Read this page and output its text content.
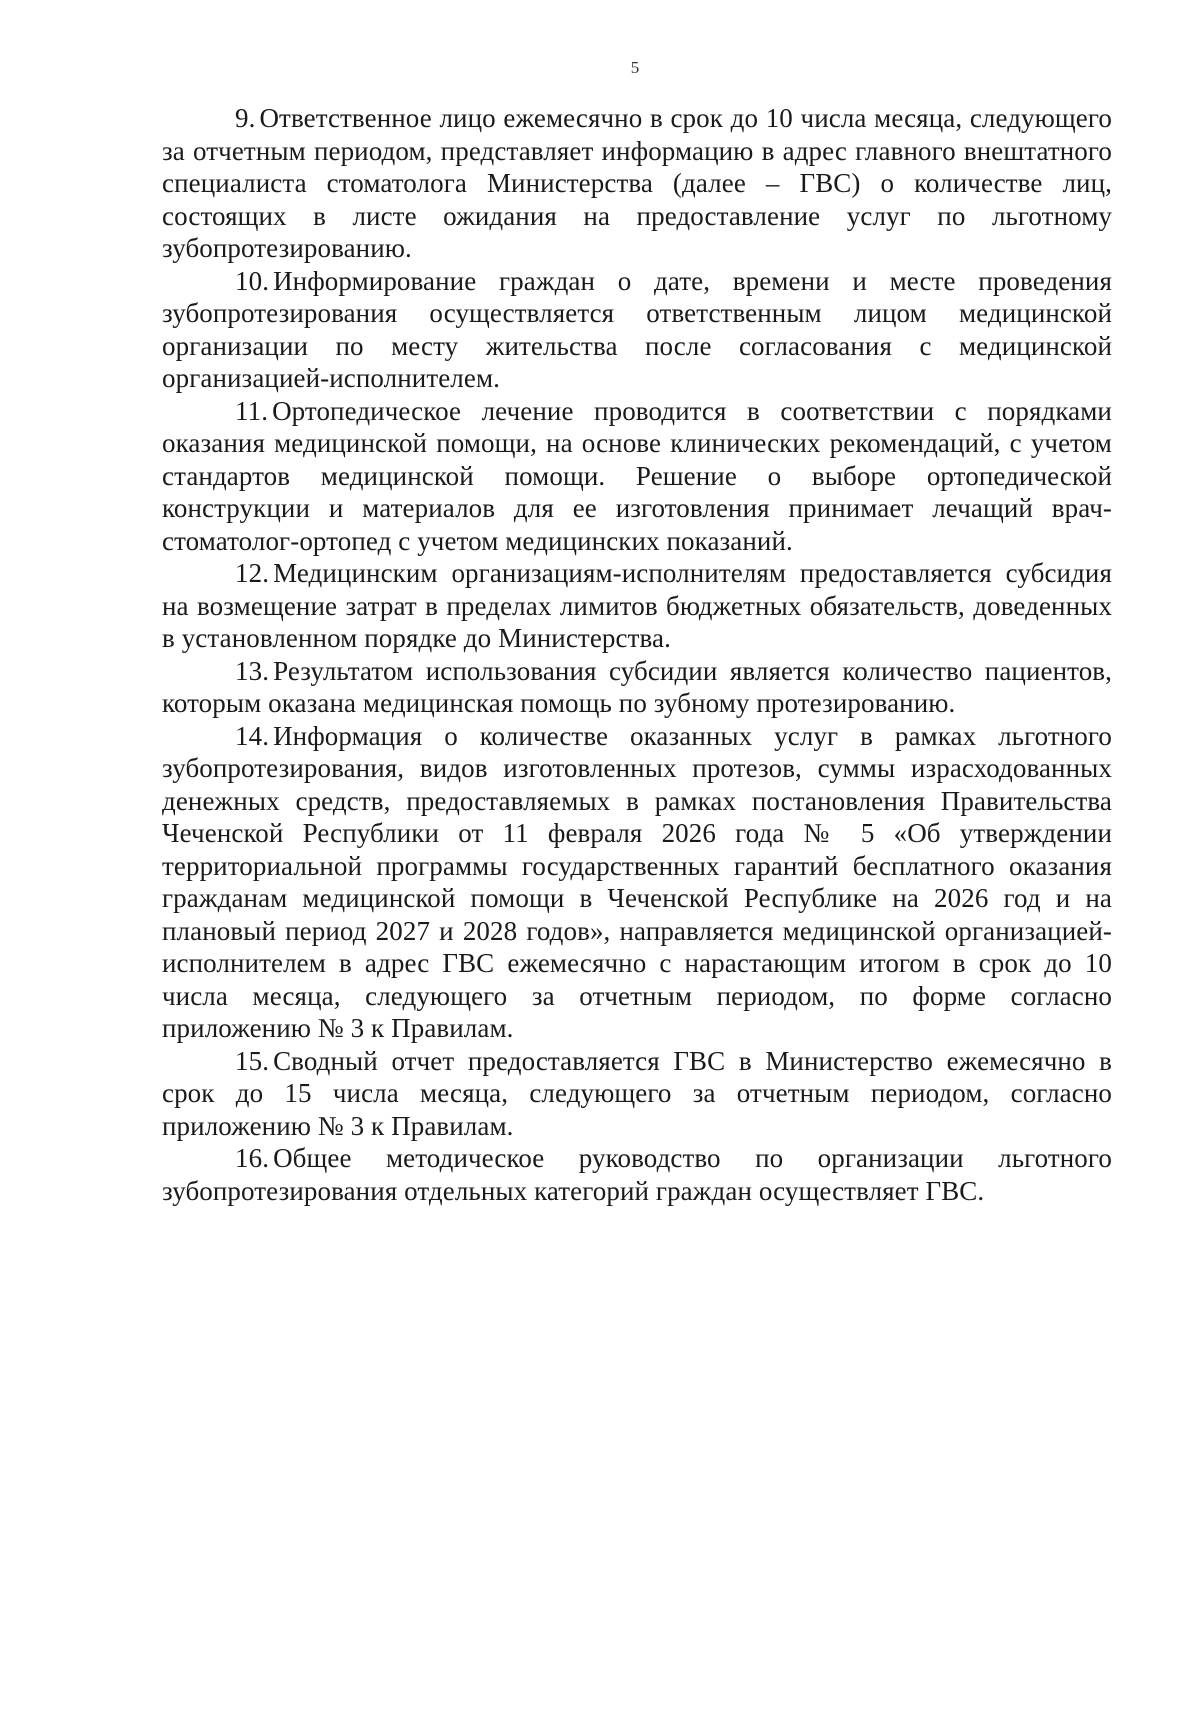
5

9. Ответственное лицо ежемесячно в срок до 10 числа месяца, следующего за отчетным периодом, представляет информацию в адрес главного внештатного специалиста стоматолога Министерства (далее – ГВС) о количестве лиц, состоящих в листе ожидания на предоставление услуг по льготному зубопротезированию.

10. Информирование граждан о дате, времени и месте проведения зубопротезирования осуществляется ответственным лицом медицинской организации по месту жительства после согласования с медицинской организацией-исполнителем.

11. Ортопедическое лечение проводится в соответствии с порядками оказания медицинской помощи, на основе клинических рекомендаций, с учетом стандартов медицинской помощи. Решение о выборе ортопедической конструкции и материалов для ее изготовления принимает лечащий врач-стоматолог-ортопед с учетом медицинских показаний.

12. Медицинским организациям-исполнителям предоставляется субсидия на возмещение затрат в пределах лимитов бюджетных обязательств, доведенных в установленном порядке до Министерства.

13. Результатом использования субсидии является количество пациентов, которым оказана медицинская помощь по зубному протезированию.

14. Информация о количестве оказанных услуг в рамках льготного зубопротезирования, видов изготовленных протезов, суммы израсходованных денежных средств, предоставляемых в рамках постановления Правительства Чеченской Республики от 11 февраля 2026 года № 5 «Об утверждении территориальной программы государственных гарантий бесплатного оказания гражданам медицинской помощи в Чеченской Республике на 2026 год и на плановый период 2027 и 2028 годов», направляется медицинской организацией-исполнителем в адрес ГВС ежемесячно с нарастающим итогом в срок до 10 числа месяца, следующего за отчетным периодом, по форме согласно приложению № 3 к Правилам.

15. Сводный отчет предоставляется ГВС в Министерство ежемесячно в срок до 15 числа месяца, следующего за отчетным периодом, согласно приложению № 3 к Правилам.

16. Общее методическое руководство по организации льготного зубопротезирования отдельных категорий граждан осуществляет ГВС.
